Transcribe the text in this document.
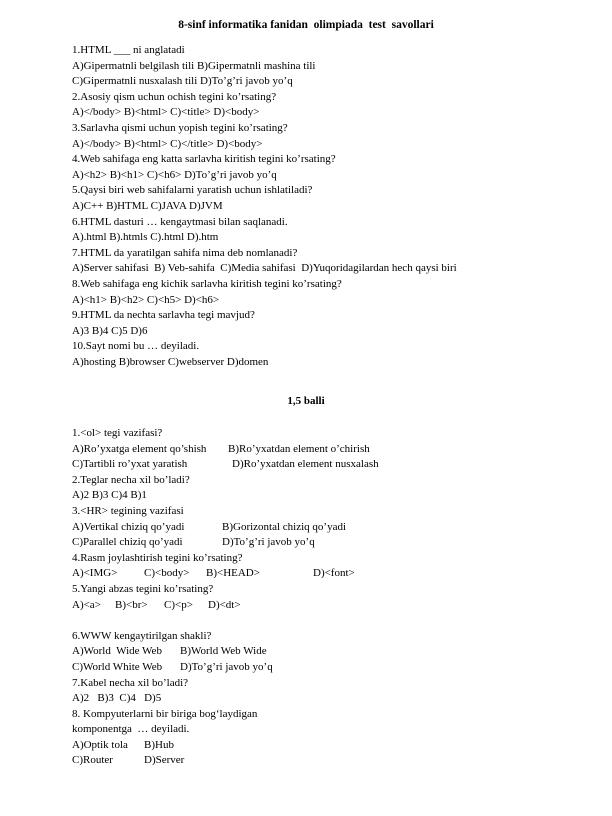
8-sinf informatika fanidan  olimpiada  test  savollari
1.HTML ___ ni anglatadi
A)Gipermatnli belgilash tili B)Gipermatnli mashina tili
C)Gipermatnli nusxalash tili D)To’g’ri javob yo’q
2.Asosiy qism uchun ochish tegini ko’rsating?
A)</body> B)<html> C)<title> D)<body>
3.Sarlavha qismi uchun yopish tegini ko’rsating?
A)</body> B)<html> C)</title> D)<body>
4.Web sahifaga eng katta sarlavha kiritish tegini ko’rsating?
A)<h2> B)<h1> C)<h6> D)To’g’ri javob yo’q
5.Qaysi biri web sahifalarni yaratish uchun ishlatiladi?
A)C++ B)HTML C)JAVA D)JVM
6.HTML dasturi … kengaytmasi bilan saqlanadi.
A).html B).htmls C).html D).htm
7.HTML da yaratilgan sahifa nima deb nomlanadi?
A)Server sahifasi  B) Veb-sahifa  C)Media sahifasi  D)Yuqoridagilardan hech qaysi biri
8.Web sahifaga eng kichik sarlavha kiritish tegini ko’rsating?
A)<h1> B)<h2> C)<h5> D)<h6>
9.HTML da nechta sarlavha tegi mavjud?
A)3 B)4 C)5 D)6
10.Sayt nomi bu … deyiladi.
A)hosting B)browser C)webserver D)domen
1,5 balli
1.<ol> tegi vazifasi?

A)Ro’yxatga element qo’shish

B)Ro’yxatdan element o’chirish

C)Tartibli ro’yxat yaratish

	D)Ro’yxatdan element nusxalash

2.Teglar necha xil bo’ladi?
A)2 B)3 C)4 B)1
3.<HR> tegining vazifasi

A)Vertikal chiziq qo’yadi

	B)Gorizontal chiziq qo’yadi

C)Parallel chiziq qo’yadi

	D)To’g’ri javob yo’q

4.Rasm joylashtirish tegini ko’rsating?

A)<IMG>

C)<body>

B)<HEAD>

	D)<font>

5.Yangi abzas tegini ko’rsating?

A)<a>

B)<br>

C)<p>

D)<dt>

6.WWW kengaytirilgan shakli?

A)World  Wide Web

B)World Web Wide

C)World White Web

D)To’g’ri javob yo’q

7.Kabel necha xil bo’ladi?
A)2   B)3  C)4   D)5
8. Kompyuterlarni bir biriga bog‘laydigan
komponentga  … deyiladi.

A)Optik tola

B)Hub

C)Router

	D)Server
